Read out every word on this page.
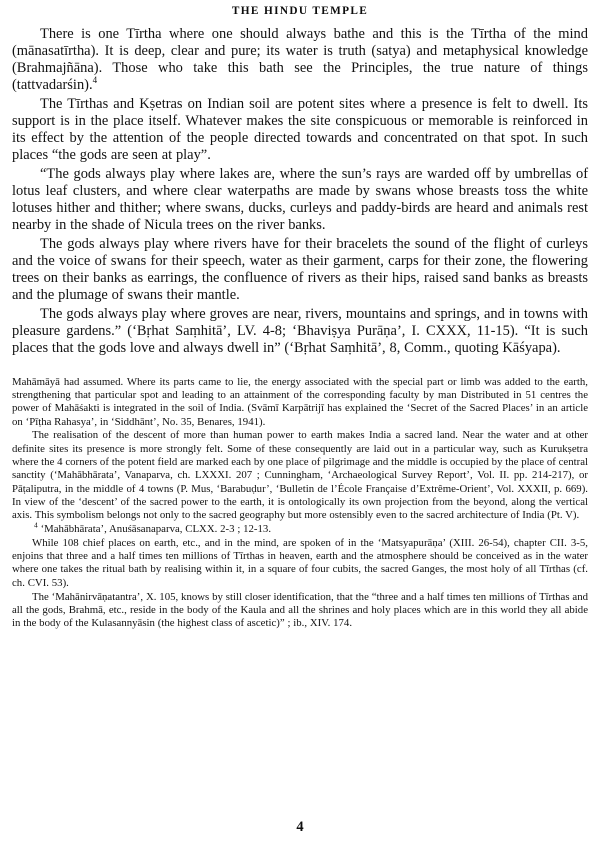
THE HINDU TEMPLE

There is one Tīrtha where one should always bathe and this is the Tīrtha of the mind (mānasatīrtha). It is deep, clear and pure; its water is truth (satya) and metaphysical knowledge (Brahmajñāna). Those who take this bath see the Principles, the true nature of things (tattvadarśin).$^4$

The Tīrthas and Kṣetras on Indian soil are potent sites where a presence is felt to dwell. Its support is in the place itself. Whatever makes the site conspicuous or memorable is reinforced in its effect by the attention of the people directed towards and concentrated on that spot. In such places “the gods are seen at play”.

“The gods always play where lakes are, where the sun’s rays are warded off by umbrellas of lotus leaf clusters, and where clear waterpaths are made by swans whose breasts toss the white lotuses hither and thither; where swans, ducks, curleys and paddy-birds are heard and animals rest nearby in the shade of Nicula trees on the river banks.

The gods always play where rivers have for their bracelets the sound of the flight of curleys and the voice of swans for their speech, water as their garment, carps for their zone, the flowering trees on their banks as earrings, the confluence of rivers as their hips, raised sand banks as breasts and the plumage of swans their mantle.

The gods always play where groves are near, rivers, mountains and springs, and in towns with pleasure gardens.” (‘Bṛhat Saṃhitā’, LV. 4-8; ‘Bhaviṣya Purāṇa’, I. CXXX, 11-15). “It is such places that the gods love and always dwell in” (‘Bṛhat Saṃhitā’, 8, Comm., quoting Kāśyapa).

Mahāmāyā had assumed. Where its parts came to lie, the energy associated with the special part or limb was added to the earth, strengthening that particular spot and leading to an attainment of the corresponding faculty by man Distributed in 51 centres the power of Mahāśakti is integrated in the soil of India. (Svāmī Karpātrijī has explained the ‘Secret of the Sacred Places’ in an article on ‘Pīṭha Rahasya’, in ‘Siddhānt’, No. 35, Benares, 1941).

The realisation of the descent of more than human power to earth makes India a sacred land. Near the water and at other definite sites its presence is more strongly felt. Some of these consequently are laid out in a particular way, such as Kurukṣetra where the 4 corners of the potent field are marked each by one place of pilgrimage and the middle is occupied by the place of central sanctity (‘Mahābhārata’, Vanaparva, ch. LXXXI. 207 ; Cunningham, ‘Archaeological Survey Report’, Vol. II. pp. 214-217), or Pāṭaliputra, in the middle of 4 towns (P. Mus, ‘Barabuḍur’, ‘Bulletin de l’École Française d’Extrême-Orient’, Vol. XXXII, p. 669). In view of the ‘descent’ of the sacred power to the earth, it is ontologically its own projection from the beyond, along the vertical axis. This symbolism belongs not only to the sacred geography but more ostensibly even to the sacred architecture of India (Pt. V).

$^4$ ‘Mahābhārata’, Anuśāsanaparva, CLXX. 2-3 ; 12-13.

While 108 chief places on earth, etc., and in the mind, are spoken of in the ‘Matsyapurāṇa’ (XIII. 26-54), chapter CII. 3-5, enjoins that three and a half times ten millions of Tīrthas in heaven, earth and the atmosphere should be conceived as in the water where one takes the ritual bath by realising within it, in a square of four cubits, the sacred Ganges, the most holy of all Tīrthas (cf. ch. CVI. 53).

The ‘Mahānirvāṇatantra’, X. 105, knows by still closer identification, that the “three and a half times ten millions of Tīrthas and all the gods, Brahmā, etc., reside in the body of the Kaula and all the shrines and holy places which are in this world they all abide in the body of the Kulasannyāsin (the highest class of ascetic)” ; ib., XIV. 174.

4
